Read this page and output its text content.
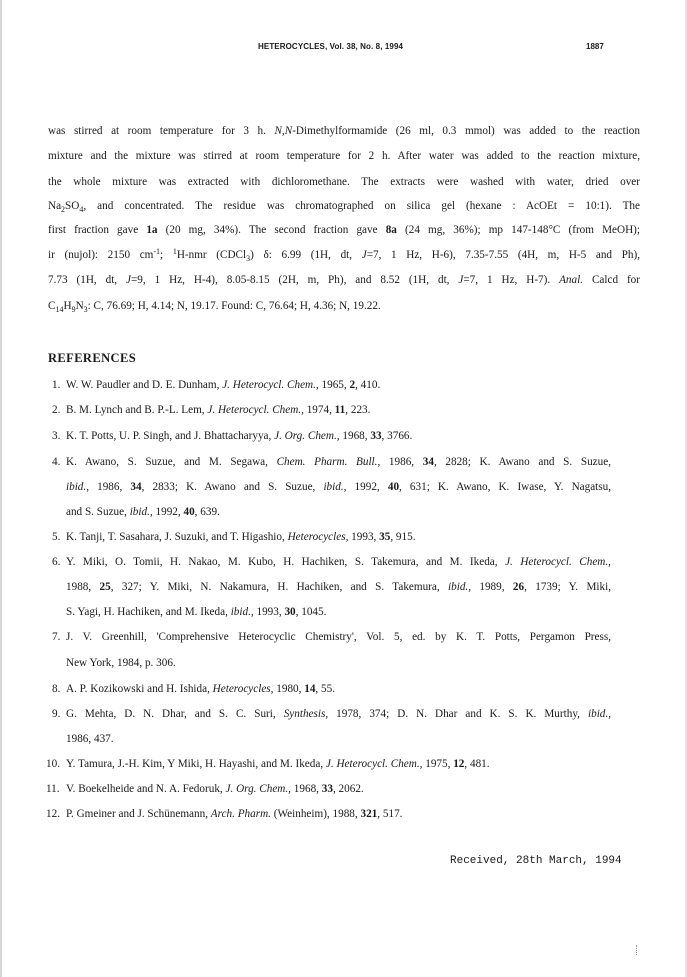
HETEROCYCLES, Vol. 38, No. 8, 1994	1887
was stirred at room temperature for 3 h. N,N-Dimethylformamide (26 ml, 0.3 mmol) was added to the reaction
mixture and the mixture was stirred at room temperature for 2 h. After water was added to the reaction mixture,
the whole mixture was extracted with dichloromethane. The extracts were washed with water, dried over
$Na_2SO_4$, and concentrated. The residue was chromatographed on silica gel (hexane : AcOEt = 10:1). The
first fraction gave 1a (20 mg, 34%). The second fraction gave 8a (24 mg, 36%); mp 147-148°C (from MeOH);
ir (nujol): 2150 $cm^{-1}$; $^1$H-nmr (CDCl$_3$) δ: 6.99 (1H, dt, J=7, 1 Hz, H-6), 7.35-7.55 (4H, m, H-5 and Ph),
7.73 (1H, dt, J=9, 1 Hz, H-4), 8.05-8.15 (2H, m, Ph), and 8.52 (1H, dt, J=7, 1 Hz, H-7). Anal. Calcd for
$C_{14}H_9N_3$: C, 76.69; H, 4.14; N, 19.17. Found: C, 76.64; H, 4.36; N, 19.22.
REFERENCES
1. W. W. Paudler and D. E. Dunham, J. Heterocycl. Chem., 1965, 2, 410.
2. B. M. Lynch and B. P.-L. Lem, J. Heterocycl. Chem., 1974, 11, 223.
3. K. T. Potts, U. P. Singh, and J. Bhattacharyya, J. Org. Chem., 1968, 33, 3766.
4. K. Awano, S. Suzue, and M. Segawa, Chem. Pharm. Bull., 1986, 34, 2828; K. Awano and S. Suzue,
ibid., 1986, 34, 2833; K. Awano and S. Suzue, ibid., 1992, 40, 631; K. Awano, K. Iwase, Y. Nagatsu,
and S. Suzue, ibid., 1992, 40, 639.
5. K. Tanji, T. Sasahara, J. Suzuki, and T. Higashio, Heterocycles, 1993, 35, 915.
6. Y. Miki, O. Tomii, H. Nakao, M. Kubo, H. Hachiken, S. Takemura, and M. Ikeda, J. Heterocycl. Chem.,
1988, 25, 327; Y. Miki, N. Nakamura, H. Hachiken, and S. Takemura, ibid., 1989, 26, 1739; Y. Miki,
S. Yagi, H. Hachiken, and M. Ikeda, ibid., 1993, 30, 1045.
7. J. V. Greenhill, 'Comprehensive Heterocyclic Chemistry', Vol. 5, ed. by K. T. Potts, Pergamon Press,
New York, 1984, p. 306.
8. A. P. Kozikowski and H. Ishida, Heterocycles, 1980, 14, 55.
9. G. Mehta, D. N. Dhar, and S. C. Suri, Synthesis, 1978, 374; D. N. Dhar and K. S. K. Murthy, ibid.,
1986, 437.
10. Y. Tamura, J.-H. Kim, Y Miki, H. Hayashi, and M. Ikeda, J. Heterocycl. Chem., 1975, 12, 481.
11. V. Boekelheide and N. A. Fedoruk, J. Org. Chem., 1968, 33, 2062.
12. P. Gmeiner and J. Schünemann, Arch. Pharm. (Weinheim), 1988, 321, 517.
Received, 28th March, 1994
